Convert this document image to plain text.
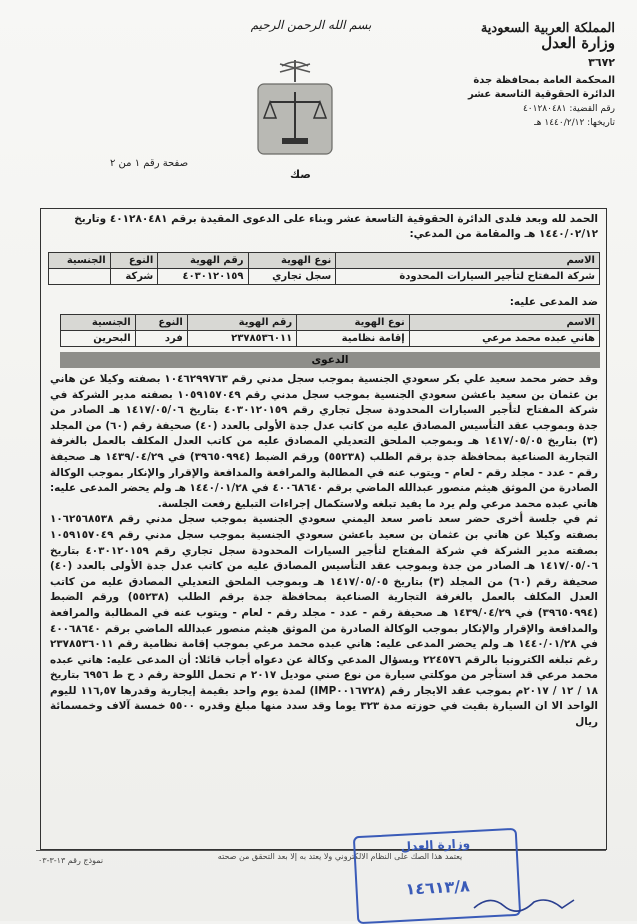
المملكة العربية السعودية
وزارة العدل
٣٦٧٢
المحكمة العامة بمحافظة جدة
الدائرة الحقوقية التاسعة عشر
رقم القضية: ٤٠١٢٨٠٤٨١
تاريخها: ١٤٤٠/٢/١٢ هـ
بسم الله الرحمن الرحيم
صفحة رقم ١ من ٢
صك
الحمد لله وبعد فلدى الدائرة الحقوقية التاسعة عشر وبناء على الدعوى المقيدة برقم ٤٠١٢٨٠٤٨١ وتاريخ ١٤٤٠/٠٢/١٢ هـ والمقامة من المدعي:
الاسم	نوع الهوية	رقم الهوية	النوع	الجنسية
شركة المفتاح لتأجير السيارات المحدودة	سجل تجاري	٤٠٣٠١٢٠١٥٩	شركة	
ضد المدعى عليه:
الاسم	نوع الهوية	رقم الهوية	النوع	الجنسية
هاني عبده محمد مرعي	إقامة نظامية	٢٣٧٨٥٣٦٠١١	فرد	البحرين
الدعوى

وقد حضر محمد سعيد علي بكر سعودي الجنسية بموجب سجل مدني رقم ١٠٤٦٢٩٩٧٦٣ بصفته وكيلا عن هاني بن عثمان بن سعيد باعشن سعودي الجنسية بموجب سجل مدني رقم ١٠٥٩١٥٧٠٤٩ بصفته مدير الشركة في شركة المفتاح لتأجير السيارات المحدودة سجل تجاري رقم ٤٠٣٠١٢٠١٥٩ بتاريخ ١٤١٧/٠٥/٠٦ هـ الصادر من جدة وبموجب عقد التأسيس المصادق عليه من كاتب عدل جدة الأولى بالعدد (٤٠) صحيفة رقم (٦٠) من المجلد (٣) بتاريخ ١٤١٧/٠٥/٠٥ هـ وبموجب الملحق التعديلي المصادق عليه من كاتب العدل المكلف بالعمل بالغرفة التجارية الصناعية بمحافظة جدة برقم الطلب (٥٥٢٣٨) ورقم الضبط (٣٩٦٥٠٩٩٤) في ١٤٣٩/٠٤/٢٩ هـ صحيفة رقم - عدد - مجلد رقم - لعام - ويتوب عنه في المطالبة والمرافعة والمدافعة والإقرار والإنكار بموجب الوكالة الصادرة من الموثق هيثم منصور عبدالله الماضي برقم ٤٠٠٦٨٦٤٠ في ١٤٤٠/٠١/٢٨ هـ ولم يحضر المدعى عليه: هاني عبده محمد مرعي ولم يرد ما يفيد تبلغه ولاستكمال إجراءات التبليغ رفعت الجلسة.

ثم في جلسة أخرى حضر سعد ناصر سعد اليمني سعودي الجنسية بموجب سجل مدني رقم ١٠٦٢٥٦٨٥٣٨ بصفته وكيلا عن هاني بن عثمان بن سعيد باعشن سعودي الجنسية بموجب سجل مدني رقم ١٠٥٩١٥٧٠٤٩ بصفته مدير الشركة في شركة المفتاح لتأجير السيارات المحدودة سجل تجاري رقم ٤٠٣٠١٢٠١٥٩ بتاريخ ١٤١٧/٠٥/٠٦ هـ الصادر من جدة وبموجب عقد التأسيس المصادق عليه من كاتب عدل جدة الأولى بالعدد (٤٠) صحيفة رقم (٦٠) من المجلد (٣) بتاريخ ١٤١٧/٠٥/٠٥ هـ وبموجب الملحق التعديلي المصادق عليه من كاتب العدل المكلف بالعمل بالغرفة التجارية الصناعية بمحافظة جدة برقم الطلب (٥٥٢٣٨) ورقم الضبط (٣٩٦٥٠٩٩٤) في ١٤٣٩/٠٤/٢٩ هـ صحيفة رقم - عدد - مجلد رقم - لعام - ويتوب عنه في المطالبة والمرافعة والمدافعة والإقرار والإنكار بموجب الوكالة الصادرة من الموثق هيثم منصور عبدالله الماضي برقم ٤٠٠٦٨٦٤٠ في ١٤٤٠/٠١/٢٨ هـ ولم يحضر المدعى عليه: هاني عبده محمد مرعي بموجب إقامة نظامية رقم ٢٣٧٨٥٣٦٠١١ رغم تبلغه الكترونيا بالرقم ٢٢٤٥٧٦ وبسؤال المدعي وكالة عن دعواه أجاب قائلا: أن المدعى عليه: هاني عبده محمد مرعي قد استأجر من موكلتي سيارة من نوع صني موديل ٢٠١٧ م تحمل اللوحة رقم د ح ط ٦٩٥٦ بتاريخ ١٨ / ١٢ / ٢٠١٧م بموجب عقد الايجار رقم (IMP٠٠١٦٧٢٨) لمدة يوم واحد بقيمة إيجارية وقدرها ١١٦,٥٧ لليوم الواحد الا ان السيارة بقيت في حوزته مدة ٣٢٣ يوما وقد سدد منها مبلغ وقدره ٥٥٠٠ خمسة آلاف وخمسمائة ريال

يعتمد هذا الصك على النظام الالكتروني ولا يعتد به إلا بعد التحقق من صحته
نموذج رقم ١٣-٣-٠٣
وزارة العدل
١٤٦١٣/٨
